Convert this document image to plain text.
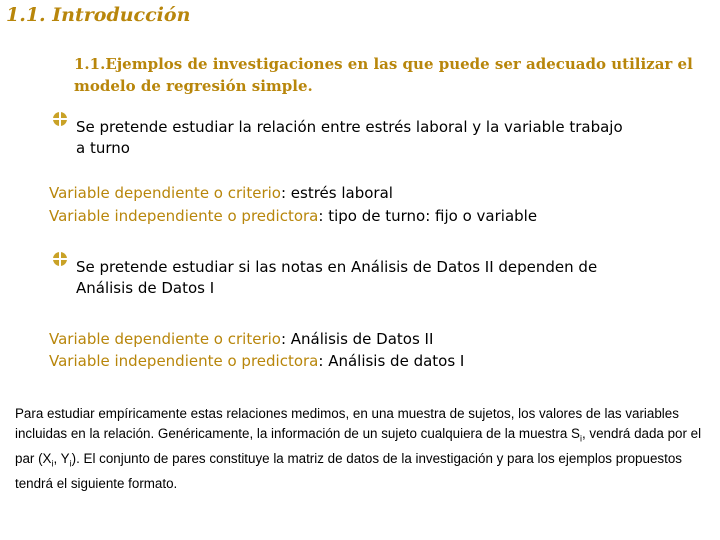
1.1. Introducción
1.1.Ejemplos de investigaciones en las que puede ser adecuado utilizar el modelo de regresión simple.
Se pretende estudiar la relación entre estrés laboral y la variable trabajo a turno
Variable dependiente o criterio: estrés laboral
Variable independiente o predictora: tipo de turno: fijo o variable
Se pretende estudiar si las notas en Análisis de Datos II dependen de Análisis de Datos I
Variable dependiente o criterio: Análisis de Datos II
Variable independiente o predictora: Análisis de datos I
Para estudiar empíricamente estas relaciones medimos, en una muestra de sujetos, los valores de las variables incluidas en la relación. Genéricamente, la información de un sujeto cualquiera de la muestra $S_i$, vendrá dada por el par ($X_i$, $Y_i$). El conjunto de pares constituye la matriz de datos de la investigación y para los ejemplos propuestos tendrá el siguiente formato.
